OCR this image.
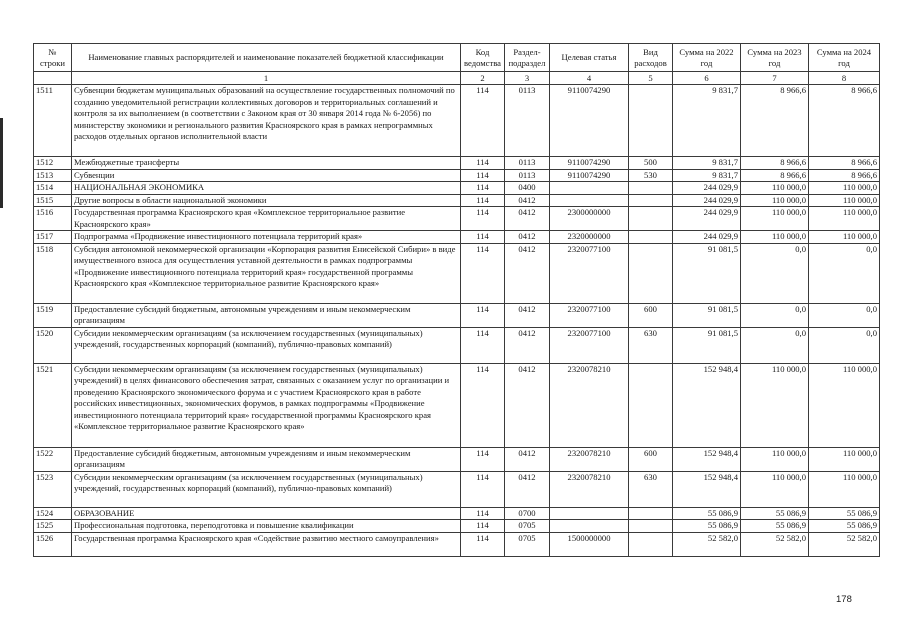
№ строки	Наименование главных распорядителей и наименование показателей бюджетной классификации	Код ведомства	Раздел-подраздел	Целевая статья	Вид расходов	Сумма на 2022 год	Сумма на 2023 год	Сумма на 2024 год
	1	2	3	4	5	6	7	8
1511	Субвенции бюджетам муниципальных образований на осуществление государственных полномочий по созданию уведомительной регистрации коллективных договоров и территориальных соглашений и контроля за их выполнением (в соответствии с Законом края от 30 января 2014 года № 6-2056) по министерству экономики и регионального развития Красноярского края в рамках непрограммных расходов отдельных органов исполнительной власти	114	0113	9110074290		9 831,7	8 966,6	8 966,6
1512	Межбюджетные трансферты	114	0113	9110074290	500	9 831,7	8 966,6	8 966,6
1513	Субвенции	114	0113	9110074290	530	9 831,7	8 966,6	8 966,6
1514	НАЦИОНАЛЬНАЯ ЭКОНОМИКА	114	0400			244 029,9	110 000,0	110 000,0
1515	Другие вопросы в области национальной экономики	114	0412			244 029,9	110 000,0	110 000,0
1516	Государственная программа Красноярского края «Комплексное территориальное развитие Красноярского края»	114	0412	2300000000		244 029,9	110 000,0	110 000,0
1517	Подпрограмма «Продвижение инвестиционного потенциала территорий края»	114	0412	2320000000		244 029,9	110 000,0	110 000,0
1518	Субсидия автономной некоммерческой организации «Корпорация развития Енисейской Сибири» в виде имущественного взноса для осуществления уставной деятельности в рамках подпрограммы «Продвижение инвестиционного потенциала территорий края» государственной программы Красноярского края «Комплексное территориальное развитие Красноярского края»	114	0412	2320077100		91 081,5	0,0	0,0
1519	Предоставление субсидий бюджетным, автономным учреждениям и иным некоммерческим организациям	114	0412	2320077100	600	91 081,5	0,0	0,0
1520	Субсидии некоммерческим организациям (за исключением государственных (муниципальных) учреждений, государственных корпораций (компаний), публично-правовых компаний)	114	0412	2320077100	630	91 081,5	0,0	0,0
1521	Субсидии некоммерческим организациям (за исключением государственных (муниципальных) учреждений) в целях финансового обеспечения затрат, связанных с оказанием услуг по организации и проведению Красноярского экономического форума и с участием Красноярского края в работе российских инвестиционных, экономических форумов, в рамках подпрограммы «Продвижение инвестиционного потенциала территорий края» государственной программы Красноярского края «Комплексное территориальное развитие Красноярского края»	114	0412	2320078210		152 948,4	110 000,0	110 000,0
1522	Предоставление субсидий бюджетным, автономным учреждениям и иным некоммерческим организациям	114	0412	2320078210	600	152 948,4	110 000,0	110 000,0
1523	Субсидии некоммерческим организациям (за исключением государственных (муниципальных) учреждений, государственных корпораций (компаний), публично-правовых компаний)	114	0412	2320078210	630	152 948,4	110 000,0	110 000,0
1524	ОБРАЗОВАНИЕ	114	0700			55 086,9	55 086,9	55 086,9
1525	Профессиональная подготовка, переподготовка и повышение квалификации	114	0705			55 086,9	55 086,9	55 086,9
1526	Государственная программа Красноярского края «Содействие развитию местного самоуправления»	114	0705	1500000000		52 582,0	52 582,0	52 582,0
178
